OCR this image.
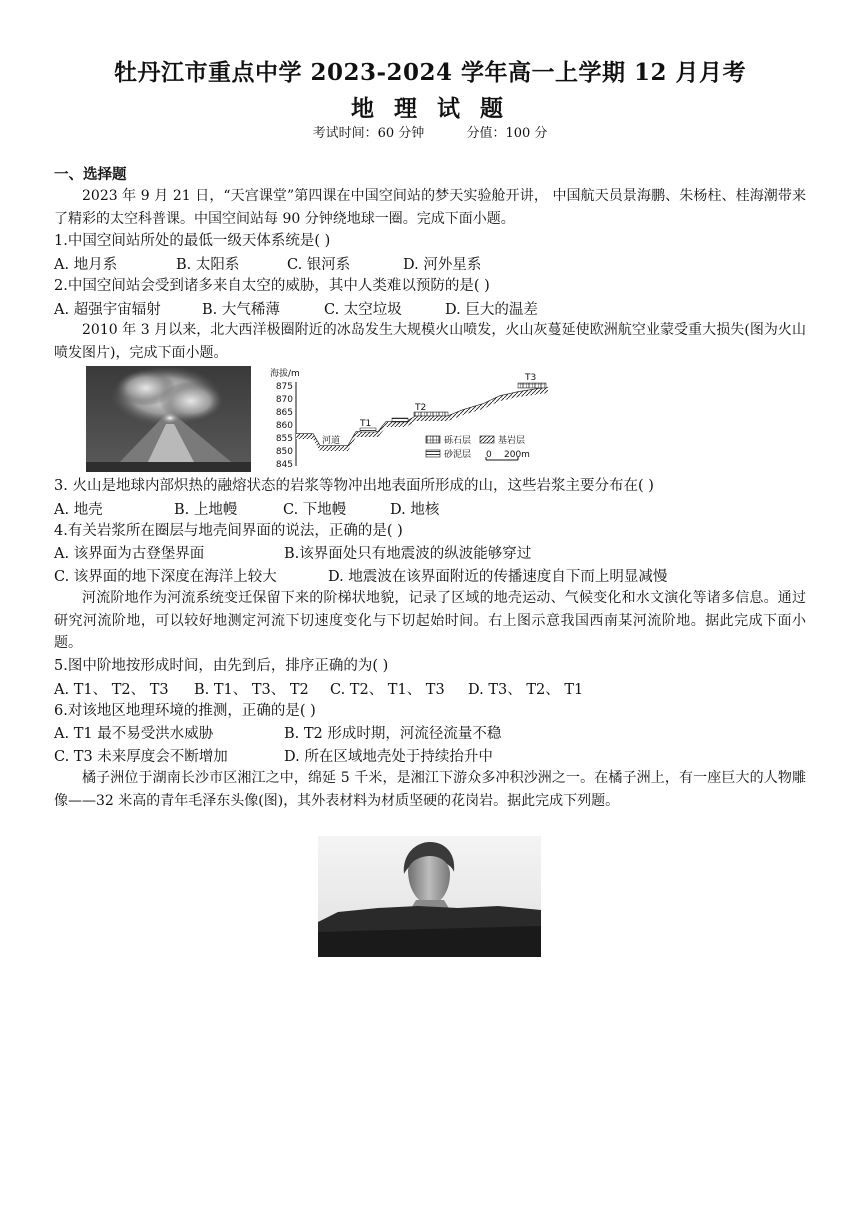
牡丹江市重点中学 2023-2024 学年高一上学期 12 月月考
地 理 试 题
考试时间：60 分钟	分值：100 分
一、选择题
2023 年 9 月 21 日，“天宫课堂”第四课在中国空间站的梦天实验舱开讲， 中国航天员景海鹏、朱杨柱、桂海潮带来了精彩的太空科普课。中国空间站每 90 分钟绕地球一圈。完成下面小题。
1.中国空间站所处的最低一级天体系统是( )
A. 地月系	B. 太阳系	C. 银河系	D. 河外星系
2.中国空间站会受到诸多来自太空的威胁，其中人类难以预防的是( )
A. 超强宇宙辐射	B. 大气稀薄	C. 太空垃圾	D. 巨大的温差
2010 年 3 月以来，北大西洋极圈附近的冰岛发生大规模火山喷发，火山灰蔓延使欧洲航空业蒙受重大损失(图为火山喷发图片)，完成下面小题。
海拔/m
875
870
865
860
855
850
845
河道
T1
T2
T3
砾石层	基岩层
砂泥层 0 200m
3. 火山是地球内部炽热的融熔状态的岩浆等物冲出地表面所形成的山，这些岩浆主要分布在( )
A. 地壳	B. 上地幔	C. 下地幔	D. 地核
4.有关岩浆所在圈层与地壳间界面的说法，正确的是( )
A. 该界面为古登堡界面	B.该界面处只有地震波的纵波能够穿过
C. 该界面的地下深度在海洋上较大	D. 地震波在该界面附近的传播速度自下而上明显减慢
河流阶地作为河流系统变迁保留下来的阶梯状地貌，记录了区域的地壳运动、气候变化和水文演化等诸多信息。通过研究河流阶地，可以较好地测定河流下切速度变化与下切起始时间。右上图示意我国西南某河流阶地。据此完成下面小题。
5.图中阶地按形成时间，由先到后，排序正确的为( )
A. T1、 T2、 T3 B. T1、 T3、 T2 C. T2、 T1、 T3 D. T3、 T2、 T1
6.对该地区地理环境的推测，正确的是( )
A. T1 最不易受洪水威胁	B. T2 形成时期，河流径流量不稳
C. T3 未来厚度会不断增加	D. 所在区域地壳处于持续抬升中
橘子洲位于湖南长沙市区湘江之中，绵延 5 千米，是湘江下游众多冲积沙洲之一。在橘子洲上，有一座巨大的人物雕像——32 米高的青年毛泽东头像(图)，其外表材料为材质坚硬的花岗岩。据此完成下列题。
